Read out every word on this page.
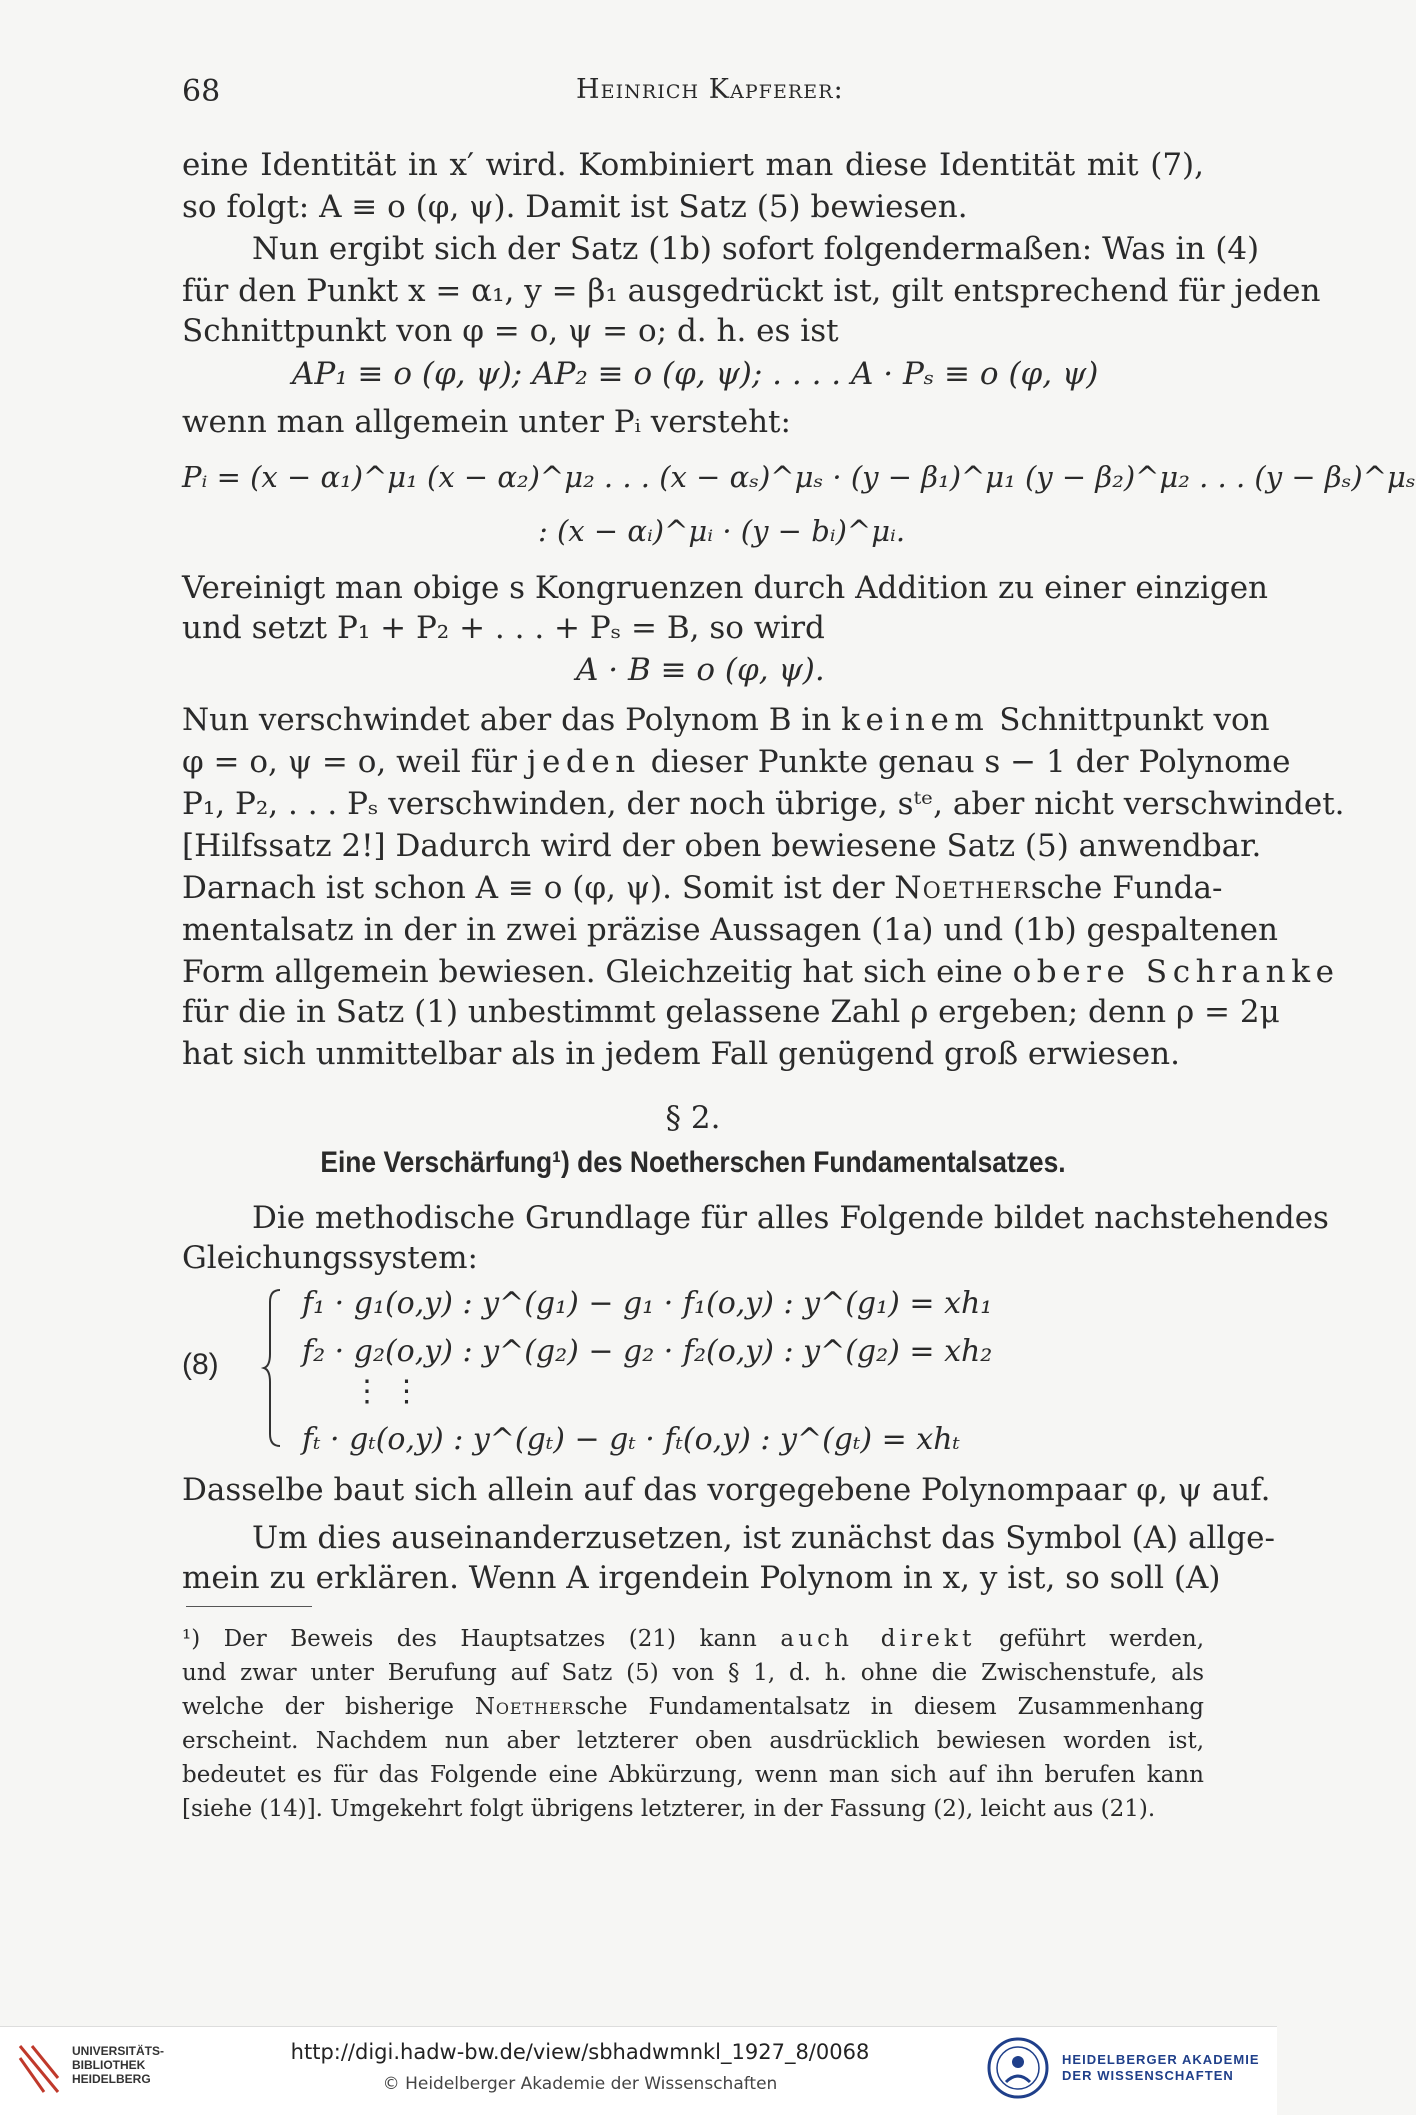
68	Heinrich Kapferer:
eine Identität in x′ wird. Kombiniert man diese Identität mit (7),
so folgt: A ≡ o (φ, ψ). Damit ist Satz (5) bewiesen.
Nun ergibt sich der Satz (1b) sofort folgendermaßen: Was in (4)
für den Punkt x = α₁, y = β₁ ausgedrückt ist, gilt entsprechend für jeden
Schnittpunkt von φ = o, ψ = o; d. h. es ist
AP₁ ≡ o (φ, ψ); AP₂ ≡ o (φ, ψ); . . . . A · Pₛ ≡ o (φ, ψ)
wenn man allgemein unter Pᵢ versteht:
Pᵢ = (x − α₁)^μ₁ (x − α₂)^μ₂ . . . (x − αₛ)^μₛ · (y − β₁)^μ₁ (y − β₂)^μ₂ . . . (y − βₛ)^μₛ
: (x − αᵢ)^μᵢ · (y − bᵢ)^μᵢ.
Vereinigt man obige s Kongruenzen durch Addition zu einer einzigen
und setzt P₁ + P₂ + . . . + Pₛ = B, so wird
A · B ≡ o (φ, ψ).
Nun verschwindet aber das Polynom B in keinem Schnittpunkt von
φ = o, ψ = o, weil für jeden dieser Punkte genau s − 1 der Polynome
P₁, P₂, . . . Pₛ verschwinden, der noch übrige, sᵗᵉ, aber nicht verschwindet.
[Hilfssatz 2!] Dadurch wird der oben bewiesene Satz (5) anwendbar.
Darnach ist schon A ≡ o (φ, ψ). Somit ist der Noethersche Funda-
mentalsatz in der in zwei präzise Aussagen (1a) und (1b) gespaltenen
Form allgemein bewiesen. Gleichzeitig hat sich eine obere Schranke
für die in Satz (1) unbestimmt gelassene Zahl ρ ergeben; denn ρ = 2μ
hat sich unmittelbar als in jedem Fall genügend groß erwiesen.
§ 2.
Eine Verschärfung¹) des Noetherschen Fundamentalsatzes.
Die methodische Grundlage für alles Folgende bildet nachstehendes
Gleichungssystem:
(8)
f₁ · g₁(o,y) : y^(g₁) − g₁ · f₁(o,y) : y^(g₁) = xh₁
f₂ · g₂(o,y) : y^(g₂) − g₂ · f₂(o,y) : y^(g₂) = xh₂
⋮ ⋮
fₜ · gₜ(o,y) : y^(gₜ) − gₜ · fₜ(o,y) : y^(gₜ) = xhₜ
Dasselbe baut sich allein auf das vorgegebene Polynompaar φ, ψ auf.
Um dies auseinanderzusetzen, ist zunächst das Symbol (A) allge-
mein zu erklären. Wenn A irgendein Polynom in x, y ist, so soll (A)
¹) Der Beweis des Hauptsatzes (21) kann auch direkt geführt werden,
und zwar unter Berufung auf Satz (5) von § 1, d. h. ohne die Zwischenstufe, als
welche der bisherige Noethersche Fundamentalsatz in diesem Zusammenhang
erscheint. Nachdem nun aber letzterer oben ausdrücklich bewiesen worden ist,
bedeutet es für das Folgende eine Abkürzung, wenn man sich auf ihn berufen kann
[siehe (14)]. Umgekehrt folgt übrigens letzterer, in der Fassung (2), leicht aus (21).
UNIVERSITÄTS-
BIBLIOTHEK
HEIDELBERG
http://digi.hadw-bw.de/view/sbhadwmnkl_1927_8/0068
© Heidelberger Akademie der Wissenschaften
HEIDELBERGER AKADEMIE
DER WISSENSCHAFTEN
